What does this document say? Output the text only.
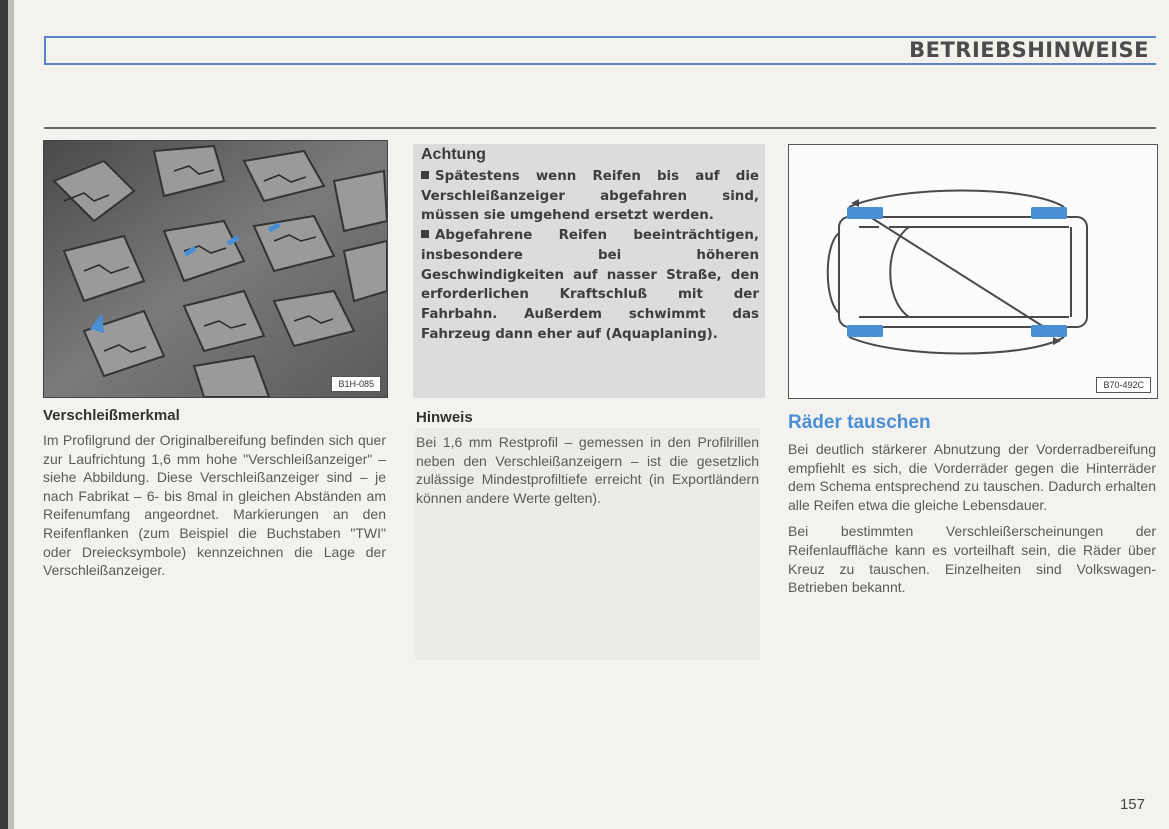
BETRIEBSHINWEISE
B1H-085
Verschleißmerkmal
Im Profilgrund der Originalbereifung befinden sich quer zur Laufrichtung 1,6 mm hohe "Verschleißanzeiger" – siehe Abbildung. Diese Verschleißanzeiger sind – je nach Fabrikat – 6- bis 8mal in gleichen Abständen am Reifenumfang angeordnet. Markierungen an den Reifenflanken (zum Beispiel die Buchstaben "TWI" oder Dreiecksymbole) kennzeichnen die Lage der Verschleißanzeiger.
Achtung

Spätestens wenn Reifen bis auf die Verschleißanzeiger abgefahren sind, müssen sie umgehend ersetzt werden.

Abgefahrene Reifen beeinträchtigen, insbesondere bei höheren Geschwindigkeiten auf nasser Straße, den erforderlichen Kraftschluß mit der Fahrbahn. Außerdem schwimmt das Fahrzeug dann eher auf (Aquaplaning).

Hinweis
Bei 1,6 mm Restprofil – gemessen in den Profilrillen neben den Verschleißanzeigern – ist die gesetzlich zulässige Mindestprofiltiefe erreicht (in Exportländern können andere Werte gelten).
B70-492C
Räder tauschen

Bei deutlich stärkerer Abnutzung der Vorderradbereifung empfiehlt es sich, die Vorderräder gegen die Hinterräder dem Schema entsprechend zu tauschen. Dadurch erhalten alle Reifen etwa die gleiche Lebensdauer.

Bei bestimmten Verschleißerscheinungen der Reifenlauffläche kann es vorteilhaft sein, die Räder über Kreuz zu tauschen. Einzelheiten sind Volkswagen-Betrieben bekannt.

157
